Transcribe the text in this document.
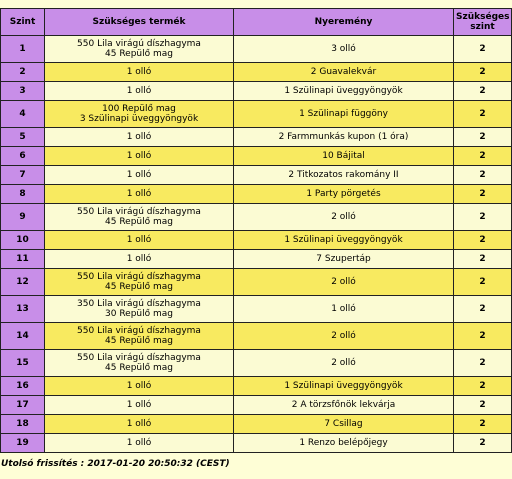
Szint	Szükséges termék	Nyeremény	Szükséges
szint
1	550 Lila virágú díszhagyma
45 Repülő mag	3 olló	2
2	1 olló	2 Guavalekvár	2
3	1 olló	1 Szülinapi üveggyöngyök	2
4	100 Repülő mag
3 Szülinapi üveggyöngyök	1 Szülinapi függöny	2
5	1 olló	2 Farmmunkás kupon (1 óra)	2
6	1 olló	10 Bájital	2
7	1 olló	2 Titkozatos rakomány II	2
8	1 olló	1 Party pörgetés	2
9	550 Lila virágú díszhagyma
45 Repülő mag	2 olló	2
10	1 olló	1 Szülinapi üveggyöngyök	2
11	1 olló	7 Szupertáp	2
12	550 Lila virágú díszhagyma
45 Repülő mag	2 olló	2
13	350 Lila virágú díszhagyma
30 Repülő mag	1 olló	2
14	550 Lila virágú díszhagyma
45 Repülő mag	2 olló	2
15	550 Lila virágú díszhagyma
45 Repülő mag	2 olló	2
16	1 olló	1 Szülinapi üveggyöngyök	2
17	1 olló	2 A törzsfőnök lekvárja	2
18	1 olló	7 Csillag	2
19	1 olló	1 Renzo belépőjegy	2
Utolsó frissítés : 2017-01-20 20:50:32 (CEST)
